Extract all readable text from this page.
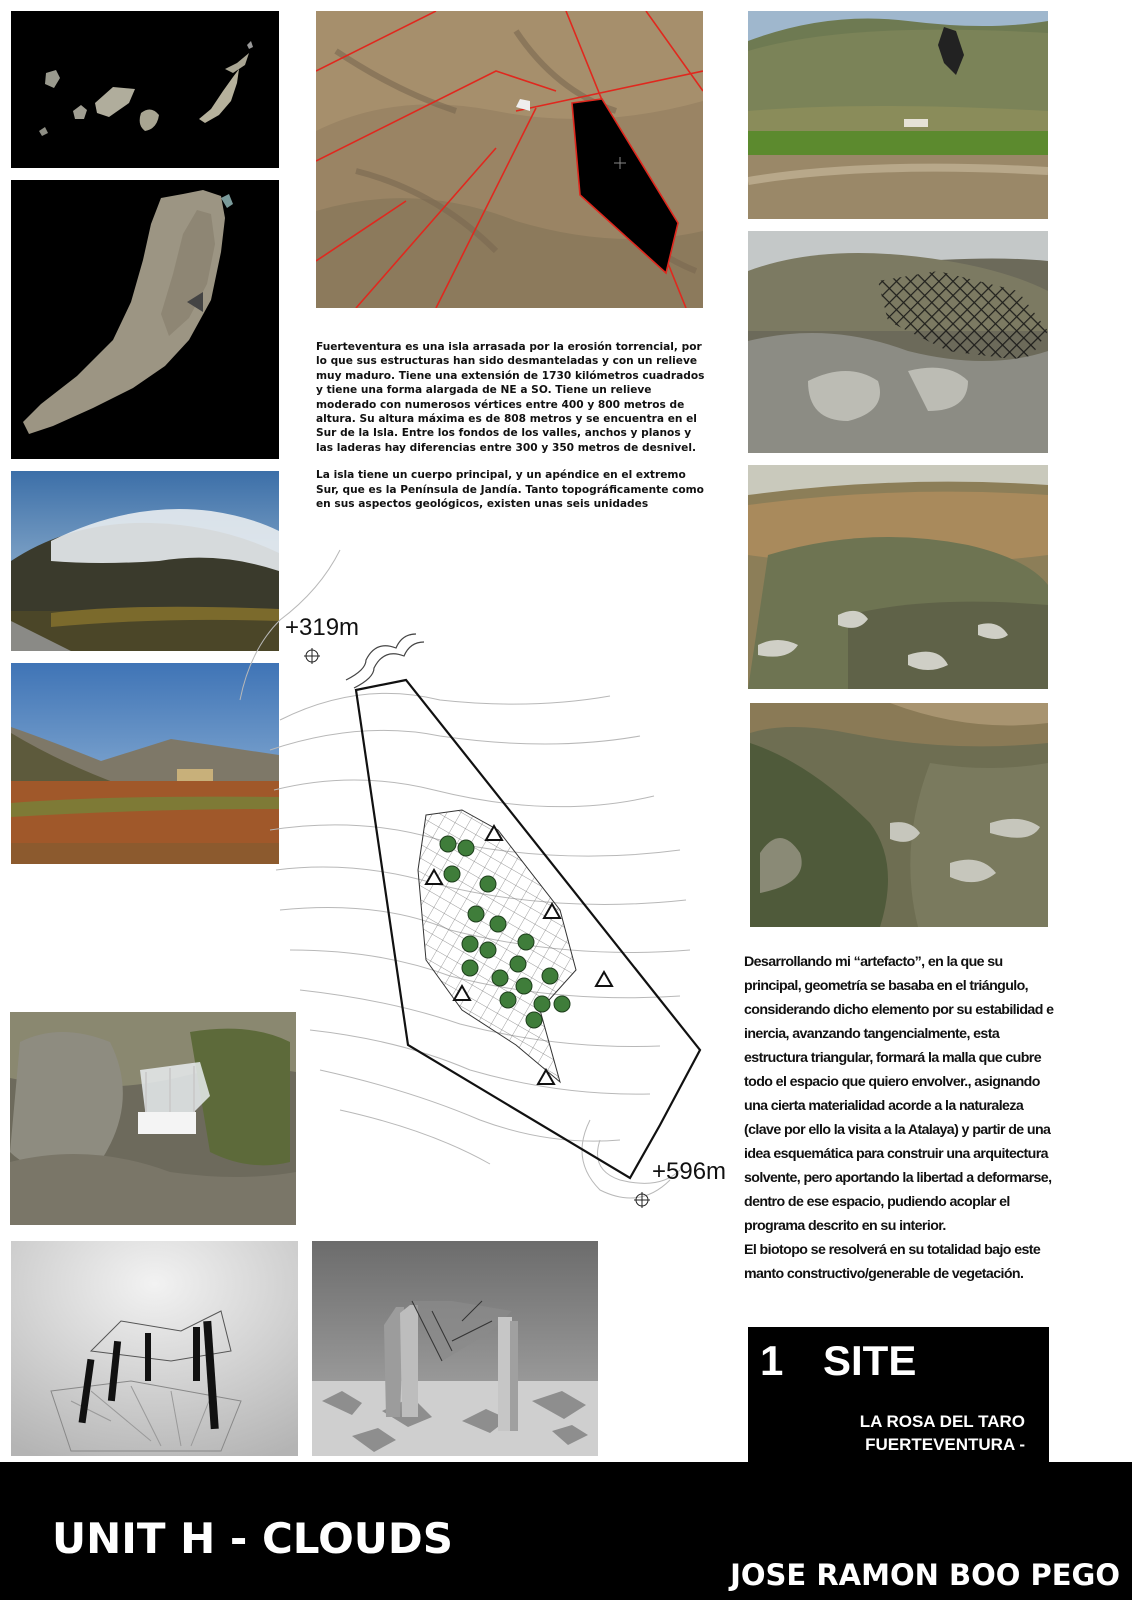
Fuerteventura es una isla arrasada por la erosión torrencial, por lo que sus estructuras han sido desmanteladas y con un relieve muy maduro. Tiene una extensión de 1730 kilómetros cuadrados y tiene una forma alargada de NE a SO. Tiene un relieve moderado con numerosos vértices entre 400 y 800 metros de altura. Su altura máxima es de 808 metros y se encuentra en el Sur de la Isla. Entre los fondos de los valles, anchos y planos y las laderas hay diferencias entre 300 y 350 metros de desnivel.

La isla tiene un cuerpo principal, y un apéndice en el extremo Sur, que es la Península de Jandía. Tanto topográficamente como en sus aspectos geológicos, existen unas seis unidades

+319m
+596m

Desarrollando mi “artefacto”, en la que su principal, geometría se basaba en el triángulo, considerando dicho elemento por su estabilidad e inercia, avanzando tangencialmente, esta estructura triangular, formará la malla que cubre todo el espacio que quiero envolver., asignando una cierta materialidad acorde a la naturaleza (clave por ello la visita a la Atalaya) y partir de una idea esquemática para construir una arquitectura solvente, pero aportando la libertad a deformarse, dentro de ese espacio, pudiendo acoplar el programa descrito en su interior.

El biotopo se resolverá en su totalidad bajo este manto constructivo/generable de vegetación.

1 SITE
LA ROSA DEL TARO
FUERTEVENTURA -
UNIT H - CLOUDS
JOSE RAMON BOO PEGO
